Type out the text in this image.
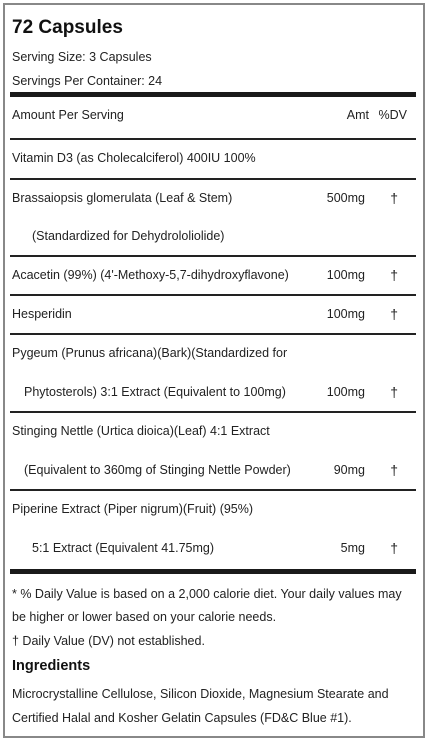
72 Capsules
Serving Size: 3 Capsules
Servings Per Container: 24
Amount Per Serving	Amt %DV
Vitamin D3 (as Cholecalciferol) 400IU 100%
Brassaiopsis glomerulata (Leaf & Stem)	500mg †
(Standardized for Dehydrololiolide)
Acacetin (99%) (4'-Methoxy-5,7-dihydroxyflavone)	100mg †
Hesperidin	100mg †
Pygeum (Prunus africana)(Bark)(Standardized for
Phytosterols) 3:1 Extract (Equivalent to 100mg)	100mg †
Stinging Nettle (Urtica dioica)(Leaf) 4:1 Extract
(Equivalent to 360mg of Stinging Nettle Powder)	90mg †
Piperine Extract (Piper nigrum)(Fruit) (95%)
5:1 Extract (Equivalent 41.75mg)	5mg †
* % Daily Value is based on a 2,000 calorie diet. Your daily values may
be higher or lower based on your calorie needs.
† Daily Value (DV) not established.
Ingredients
Microcrystalline Cellulose, Silicon Dioxide, Magnesium Stearate and
Certified Halal and Kosher Gelatin Capsules (FD&C Blue #1).
